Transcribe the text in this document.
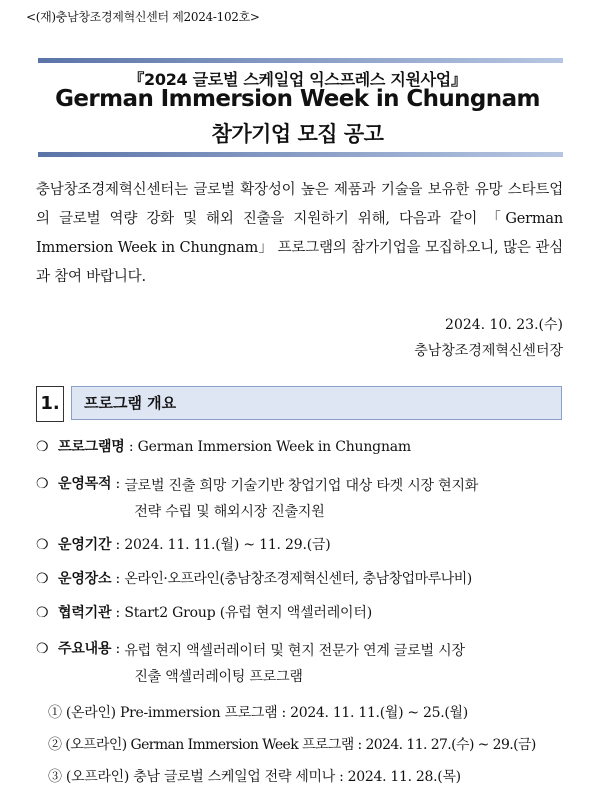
<(재)충남창조경제혁신센터 제2024-102호>
『2024 글로벌 스케일업 익스프레스 지원사업』
German Immersion Week in Chungnam
참가기업 모집 공고
충남창조경제혁신센터는 글로벌 확장성이 높은 제품과 기술을 보유한 유망 스타트업의 글로벌 역량 강화 및 해외 진출을 지원하기 위해, 다음과 같이 「German Immersion Week in Chungnam」 프로그램의 참가기업을 모집하오니, 많은 관심과 참여 바랍니다.
2024. 10. 23.(수)
충남창조경제혁신센터장
1. 프로그램 개요
❍ 프로그램명 : German Immersion Week in Chungnam
❍ 운영목적 : 글로벌 진출 희망 기술기반 창업기업 대상 타겟 시장 현지화
전략 수립 및 해외시장 진출지원
❍ 운영기간 : 2024. 11. 11.(월) ~ 11. 29.(금)
❍ 운영장소 : 온라인·오프라인(충남창조경제혁신센터, 충남창업마루나비)
❍ 협력기관 : Start2 Group (유럽 현지 액셀러레이터)
❍ 주요내용 : 유럽 현지 액셀러레이터 및 현지 전문가 연계 글로벌 시장
진출 액셀러레이팅 프로그램
① (온라인) Pre-immersion 프로그램 : 2024. 11. 11.(월) ~ 25.(월)
② (오프라인) German Immersion Week 프로그램 : 2024. 11. 27.(수) ~ 29.(금)
③ (오프라인) 충남 글로벌 스케일업 전략 세미나 : 2024. 11. 28.(목)
